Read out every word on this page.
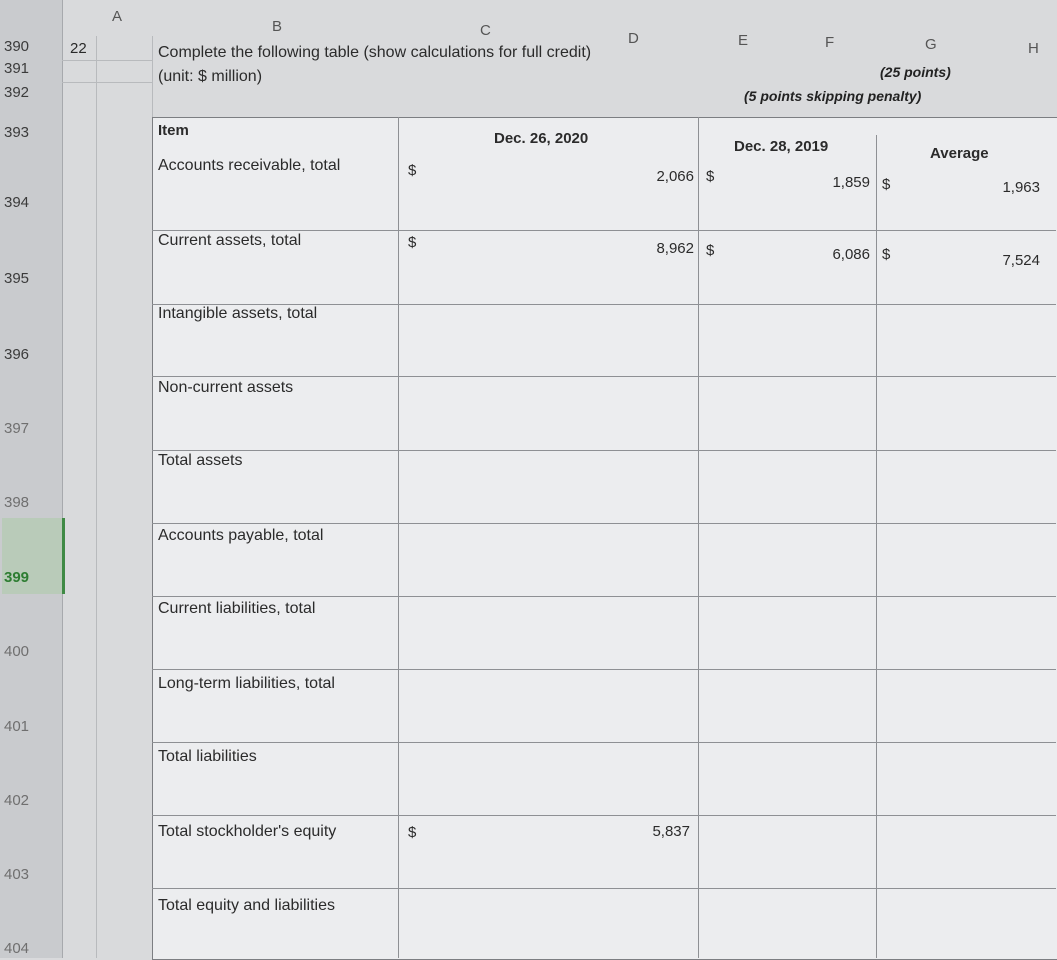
390
391
392
393
394
395
396
397
398
399
400
401
402
403
404
A
B	C	D	E	F	G	H
22	Complete the following table (show calculations for full credit)
(unit: $ million)	(25 points)
(5 points skipping penalty)
Item	Dec. 26, 2020	Dec. 28, 2019	Average
Accounts receivable, total	$	2,066 $	1,859 $	1,963
Current assets, total	$	8,962 $	6,086 $	7,524
Intangible assets, total
Non-current assets
Total assets
Accounts payable, total
Current liabilities, total
Long-term liabilities, total
Total liabilities
Total stockholder's equity	$	5,837
Total equity and liabilities
